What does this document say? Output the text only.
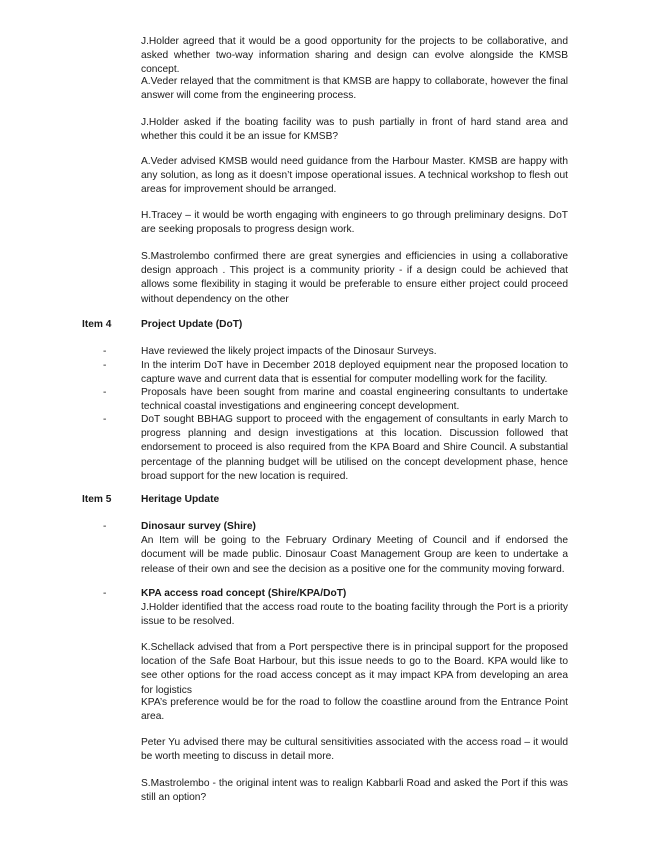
J.Holder agreed that it would be a good opportunity for the projects to be collaborative, and asked whether two-way information sharing and design can evolve alongside the KMSB concept.

A.Veder relayed that the commitment is that KMSB are happy to collaborate, however the final answer will come from the engineering process.

J.Holder asked if the boating facility was to push partially in front of hard stand area and whether this could it be an issue for KMSB?

A.Veder advised KMSB would need guidance from the Harbour Master. KMSB are happy with any solution, as long as it doesn’t impose operational issues. A technical workshop to flesh out areas for improvement should be arranged.

H.Tracey – it would be worth engaging with engineers to go through preliminary designs. DoT are seeking proposals to progress design work.

S.Mastrolembo confirmed there are great synergies and efficiencies in using a collaborative design approach . This project is a community priority - if a design could be achieved that allows some flexibility in staging it would be preferable to ensure either project could proceed without dependency on the other

Item 4	Project Update (DoT)
-	Have reviewed the likely project impacts of the Dinosaur Surveys.
-	In the interim DoT have in December 2018 deployed equipment near the proposed location to capture wave and current data that is essential for computer modelling work for the facility.
-	Proposals have been sought from marine and coastal engineering consultants to undertake technical coastal investigations and engineering concept development.
-	DoT sought BBHAG support to proceed with the engagement of consultants in early March to progress planning and design investigations at this location. Discussion followed that endorsement to proceed is also required from the KPA Board and Shire Council. A substantial percentage of the planning budget will be utilised on the concept development phase, hence broad support for the new location is required.
Item 5	Heritage Update
-	Dinosaur survey (Shire)
An Item will be going to the February Ordinary Meeting of Council and if endorsed the document will be made public. Dinosaur Coast Management Group are keen to undertake a release of their own and see the decision as a positive one for the community moving forward.
-	KPA access road concept (Shire/KPA/DoT)
J.Holder identified that the access road route to the boating facility through the Port is a priority issue to be resolved.

K.Schellack advised that from a Port perspective there is in principal support for the proposed location of the Safe Boat Harbour, but this issue needs to go to the Board. KPA would like to see other options for the road access concept as it may impact KPA from developing an area for logistics

KPA’s preference would be for the road to follow the coastline around from the Entrance Point area.

Peter Yu advised there may be cultural sensitivities associated with the access road – it would be worth meeting to discuss in detail more.

S.Mastrolembo - the original intent was to realign Kabbarli Road and asked the Port if this was still an option?
